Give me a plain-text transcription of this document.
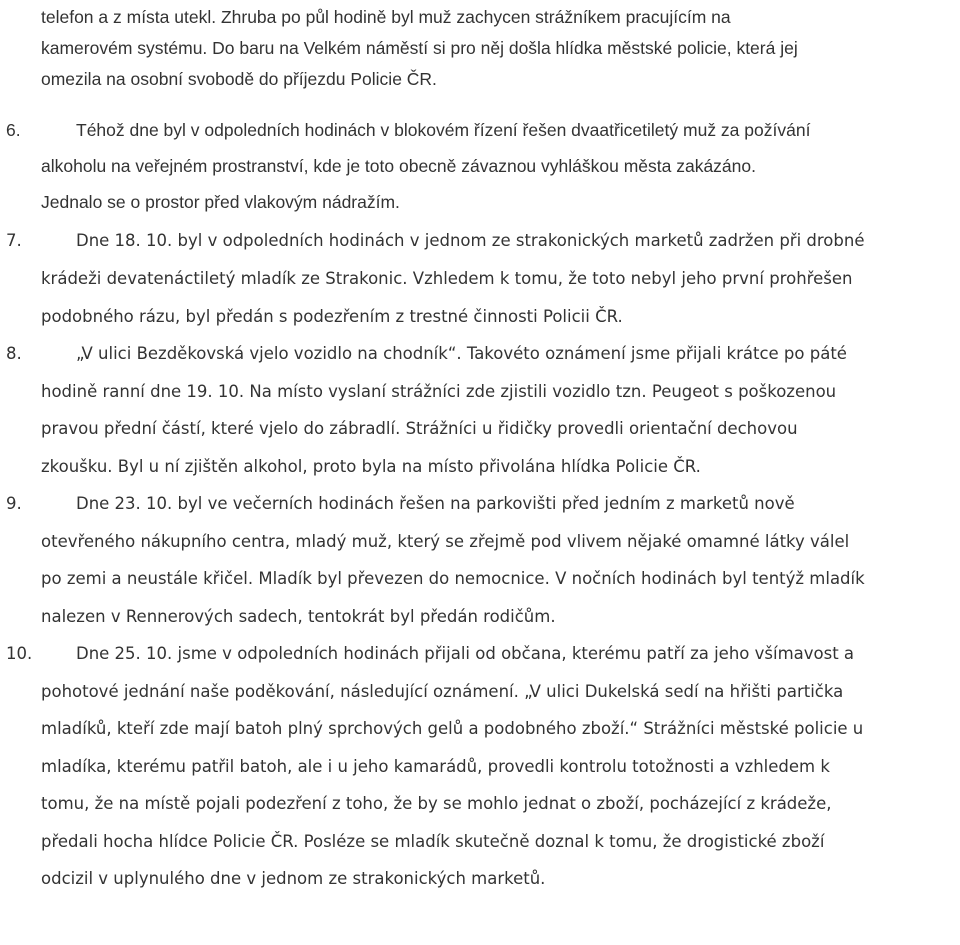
telefon a z místa utekl. Zhruba po půl hodině byl muž zachycen strážníkem pracujícím na
kamerovém systému. Do baru na Velkém náměstí si pro něj došla hlídka městské policie, která jej
omezila na osobní svobodě do příjezdu Policie ČR.
6.	Téhož dne byl v odpoledních hodinách v blokovém řízení řešen dvaatřicetiletý muž za požívání
alkoholu na veřejném prostranství, kde je toto obecně závaznou vyhláškou města zakázáno.
Jednalo se o prostor před vlakovým nádražím.
7.	Dne 18. 10. byl v odpoledních hodinách v jednom ze strakonických marketů zadržen při drobné
krádeži devatenáctiletý mladík ze Strakonic. Vzhledem k tomu, že toto nebyl jeho první prohřešen
podobného rázu, byl předán s podezřením z trestné činnosti Policii ČR.
8.	„V ulici Bezděkovská vjelo vozidlo na chodník“. Takovéto oznámení jsme přijali krátce po páté
hodině ranní dne 19. 10. Na místo vyslaní strážníci zde zjistili vozidlo tzn. Peugeot s poškozenou
pravou přední částí, které vjelo do zábradlí. Strážníci u řidičky provedli orientační dechovou
zkoušku. Byl u ní zjištěn alkohol, proto byla na místo přivolána hlídka Policie ČR.
9.	Dne 23. 10. byl ve večerních hodinách řešen na parkovišti před jedním z marketů nově
otevřeného nákupního centra, mladý muž, který se zřejmě pod vlivem nějaké omamné látky válel
po zemi a neustále křičel. Mladík byl převezen do nemocnice. V nočních hodinách byl tentýž mladík
nalezen v Rennerových sadech, tentokrát byl předán rodičům.
10.	Dne 25. 10. jsme v odpoledních hodinách přijali od občana, kterému patří za jeho všímavost a
pohotové jednání naše poděkování, následující oznámení. „V ulici Dukelská sedí na hřišti partička
mladíků, kteří zde mají batoh plný sprchových gelů a podobného zboží.“ Strážníci městské policie u
mladíka, kterému patřil batoh, ale i u jeho kamarádů, provedli kontrolu totožnosti a vzhledem k
tomu, že na místě pojali podezření z toho, že by se mohlo jednat o zboží, pocházející z krádeže,
předali hocha hlídce Policie ČR. Posléze se mladík skutečně doznal k tomu, že drogistické zboží
odcizil v uplynulého dne v jednom ze strakonických marketů.
